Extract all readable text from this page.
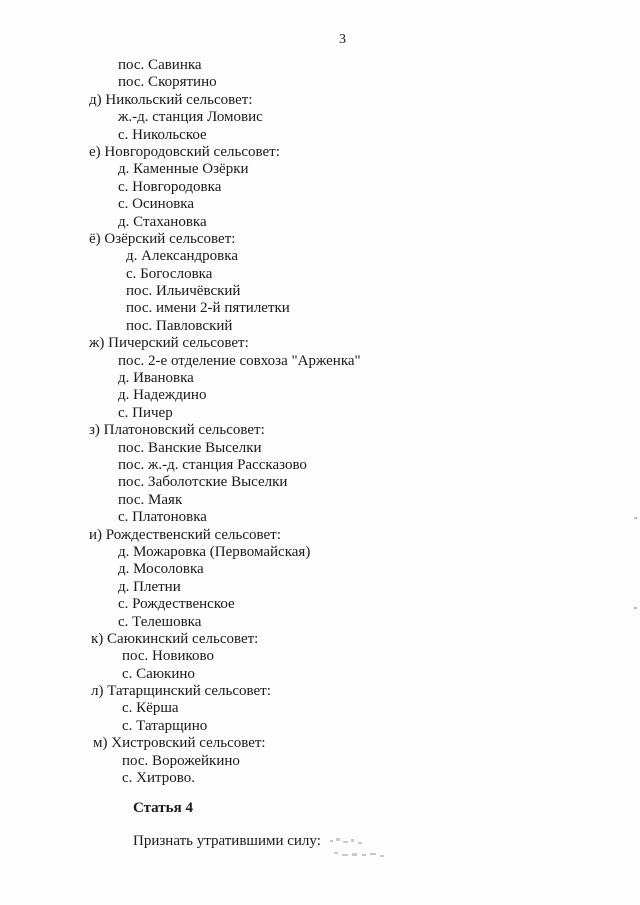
3
пос. Савинка
пос. Скорятино
д) Никольский сельсовет:
ж.-д. станция Ломовис
с. Никольское
е) Новгородовский сельсовет:
д. Каменные Озёрки
с. Новгородовка
с. Осиновка
д. Стахановка
ё) Озёрский сельсовет:
д. Александровка
с. Богословка
пос. Ильичёвский
пос. имени 2-й пятилетки
пос. Павловский
ж) Пичерский сельсовет:
пос. 2-е отделение совхоза "Арженка"
д. Ивановка
д. Надеждино
с. Пичер
з) Платоновский сельсовет:
пос. Ванские Выселки
пос. ж.-д. станция Рассказово
пос. Заболотские Выселки
пос. Маяк
с. Платоновка
и) Рождественский сельсовет:
д. Можаровка (Первомайская)
д. Мосоловка
д. Плетни
с. Рождественское
с. Телешовка
к) Саюкинский сельсовет:
пос. Новиково
с. Саюкино
л) Татарщинский сельсовет:
с. Кёрша
с. Татарщино
м) Хистровский сельсовет:
пос. Ворожейкино
с. Хитрово.
Статья 4
Признать утратившими силу:
